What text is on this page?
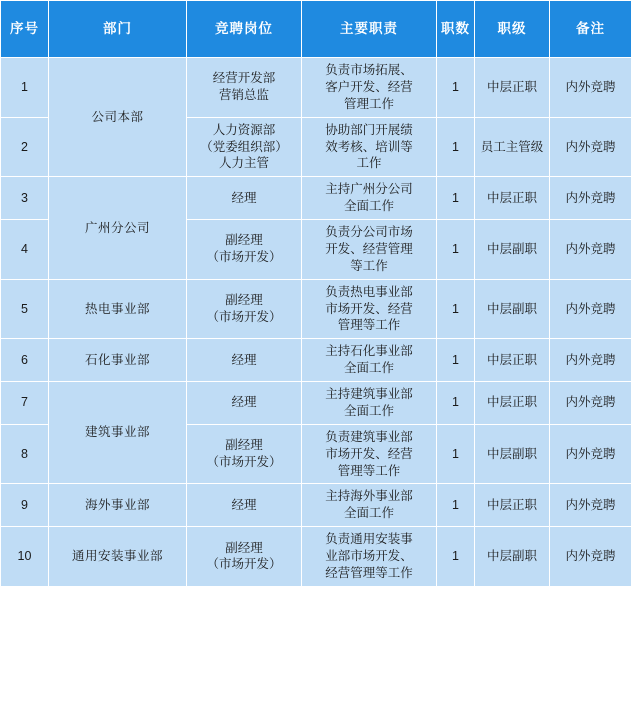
序号	部门	竞聘岗位	主要职责	职数	职级	备注
1	公司本部	经营开发部
营销总监	负责市场拓展、
客户开发、经营
管理工作	1	中层正职	内外竞聘
2		人力资源部
（党委组织部）
人力主管	协助部门开展绩
效考核、培训等
工作	1	员工主管级	内外竞聘
3	广州分公司	经理	主持广州分公司
全面工作	1	中层正职	内外竞聘
4		副经理
（市场开发）	负责分公司市场
开发、经营管理
等工作	1	中层副职	内外竞聘
5	热电事业部	副经理
（市场开发）	负责热电事业部
市场开发、经营
管理等工作	1	中层副职	内外竞聘
6	石化事业部	经理	主持石化事业部
全面工作	1	中层正职	内外竞聘
7	建筑事业部	经理	主持建筑事业部
全面工作	1	中层正职	内外竞聘
8		副经理
（市场开发）	负责建筑事业部
市场开发、经营
管理等工作	1	中层副职	内外竞聘
9	海外事业部	经理	主持海外事业部
全面工作	1	中层正职	内外竞聘
10	通用安装事业部	副经理
（市场开发）	负责通用安装事
业部市场开发、
经营管理等工作	1	中层副职	内外竞聘
